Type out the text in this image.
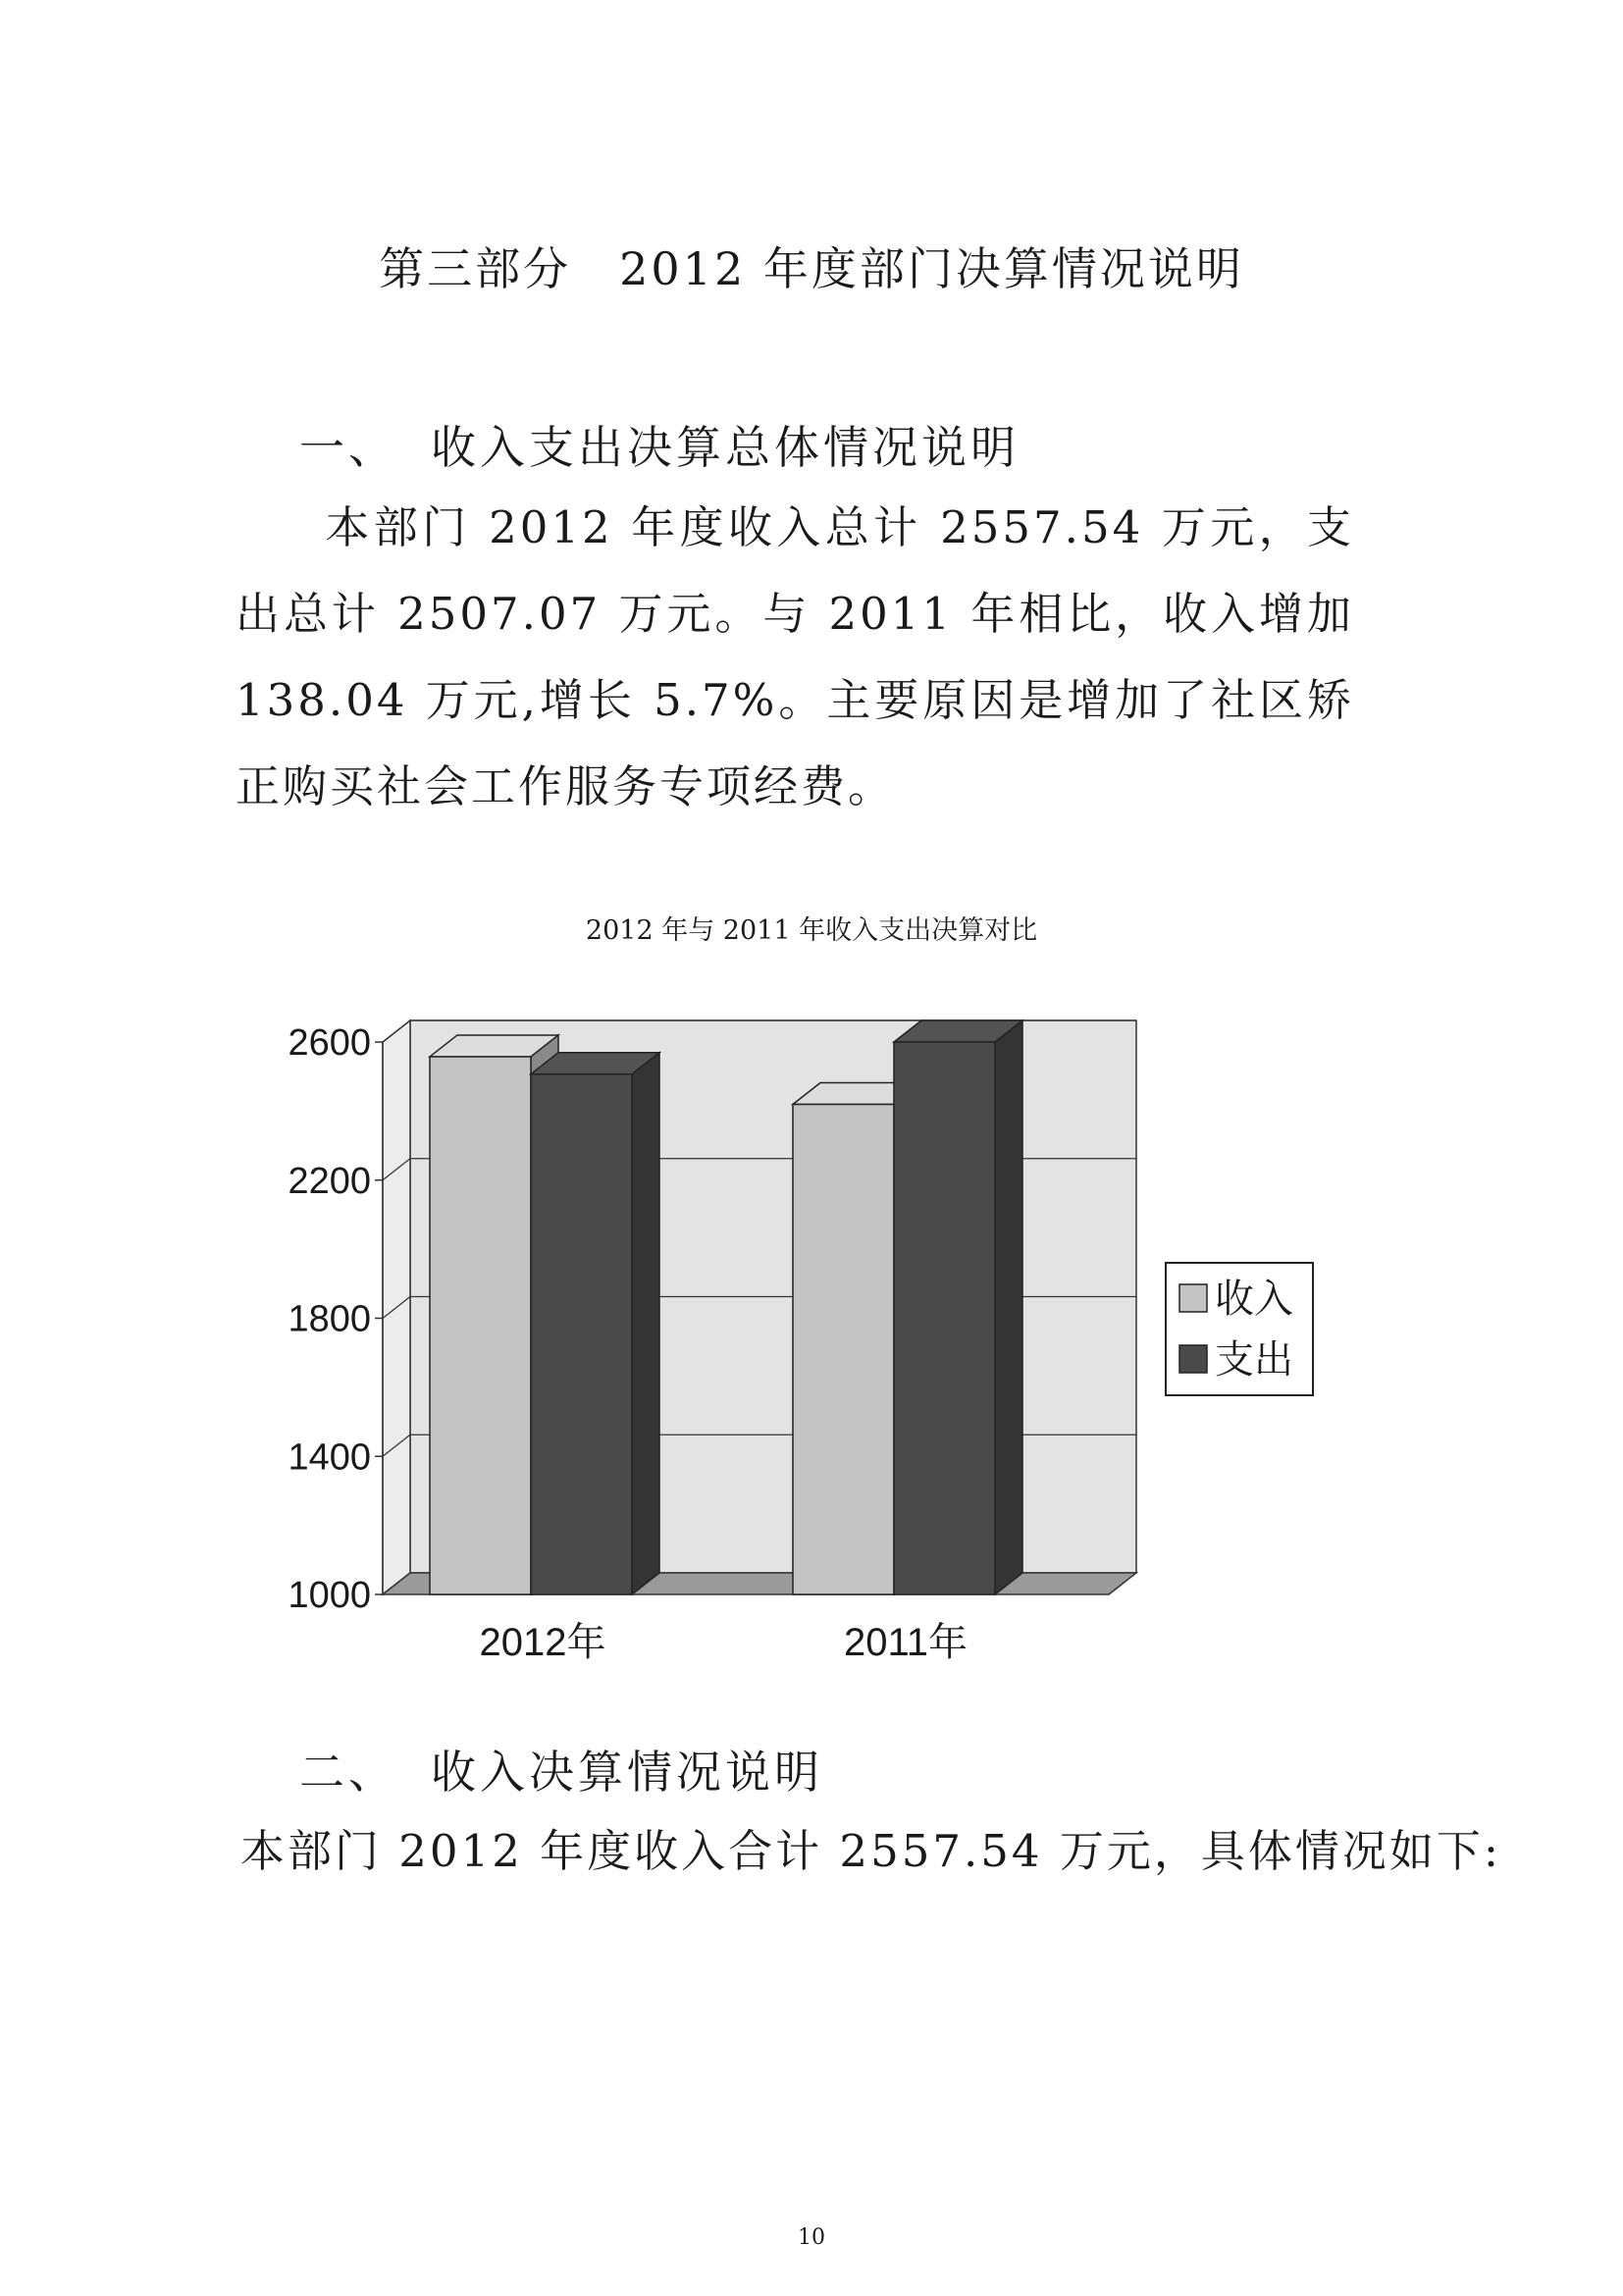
第三部分　2012 年度部门决算情况说明
一、 收入支出决算总体情况说明
本部门 2012 年度收入总计 2557.54 万元，支出总计 2507.07 万元。与 2011 年相比，收入增加 138.04 万元,增长 5.7%。主要原因是增加了社区矫正购买社会工作服务专项经费。
2012 年与 2011 年收入支出决算对比
1000
1400
1800
2200
2600
2012年	2011年
收入
支出
二、 收入决算情况说明
本部门 2012 年度收入合计 2557.54 万元，具体情况如下:
10
